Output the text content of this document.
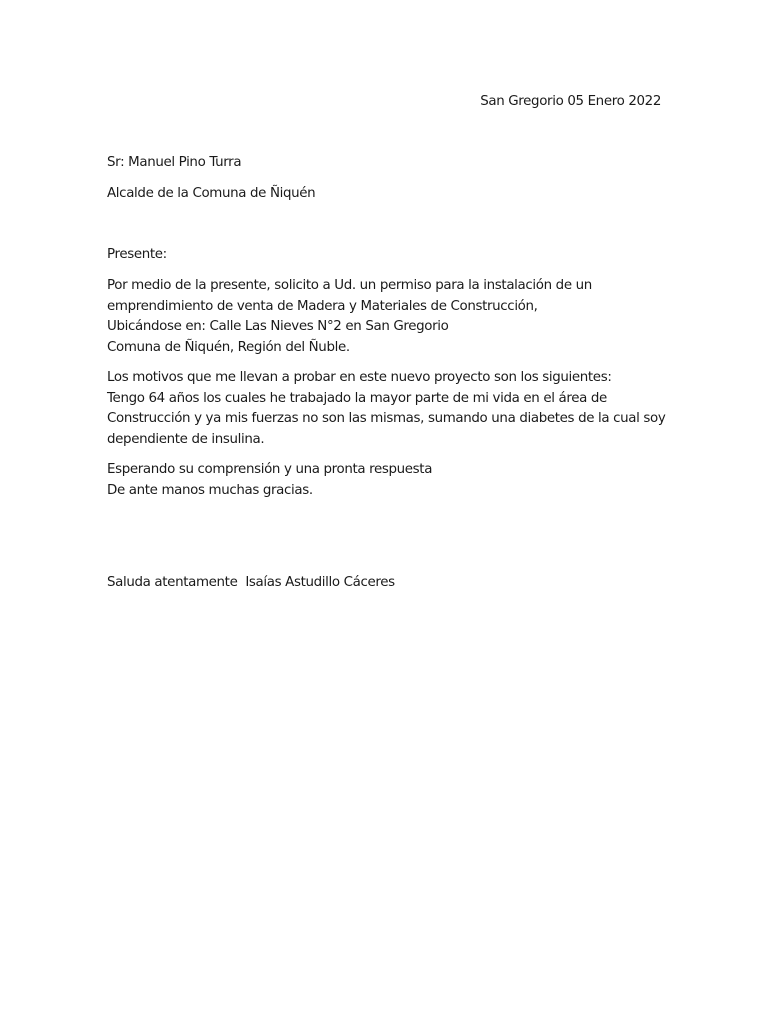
San Gregorio 05 Enero 2022
Sr: Manuel Pino Turra
Alcalde de la Comuna de Ñiquén
Presente:
Por medio de la presente, solicito a Ud. un permiso para la instalación de un
emprendimiento de venta de Madera y Materiales de Construcción,
Ubicándose en: Calle Las Nieves N°2 en San Gregorio
Comuna de Ñiquén, Región del Ñuble.
Los motivos que me llevan a probar en este nuevo proyecto son los siguientes:
Tengo 64 años los cuales he trabajado la mayor parte de mi vida en el área de
Construcción y ya mis fuerzas no son las mismas, sumando una diabetes de la cual soy
dependiente de insulina.
Esperando su comprensión y una pronta respuesta
De ante manos muchas gracias.
Saluda atentamente Isaías Astudillo Cáceres
